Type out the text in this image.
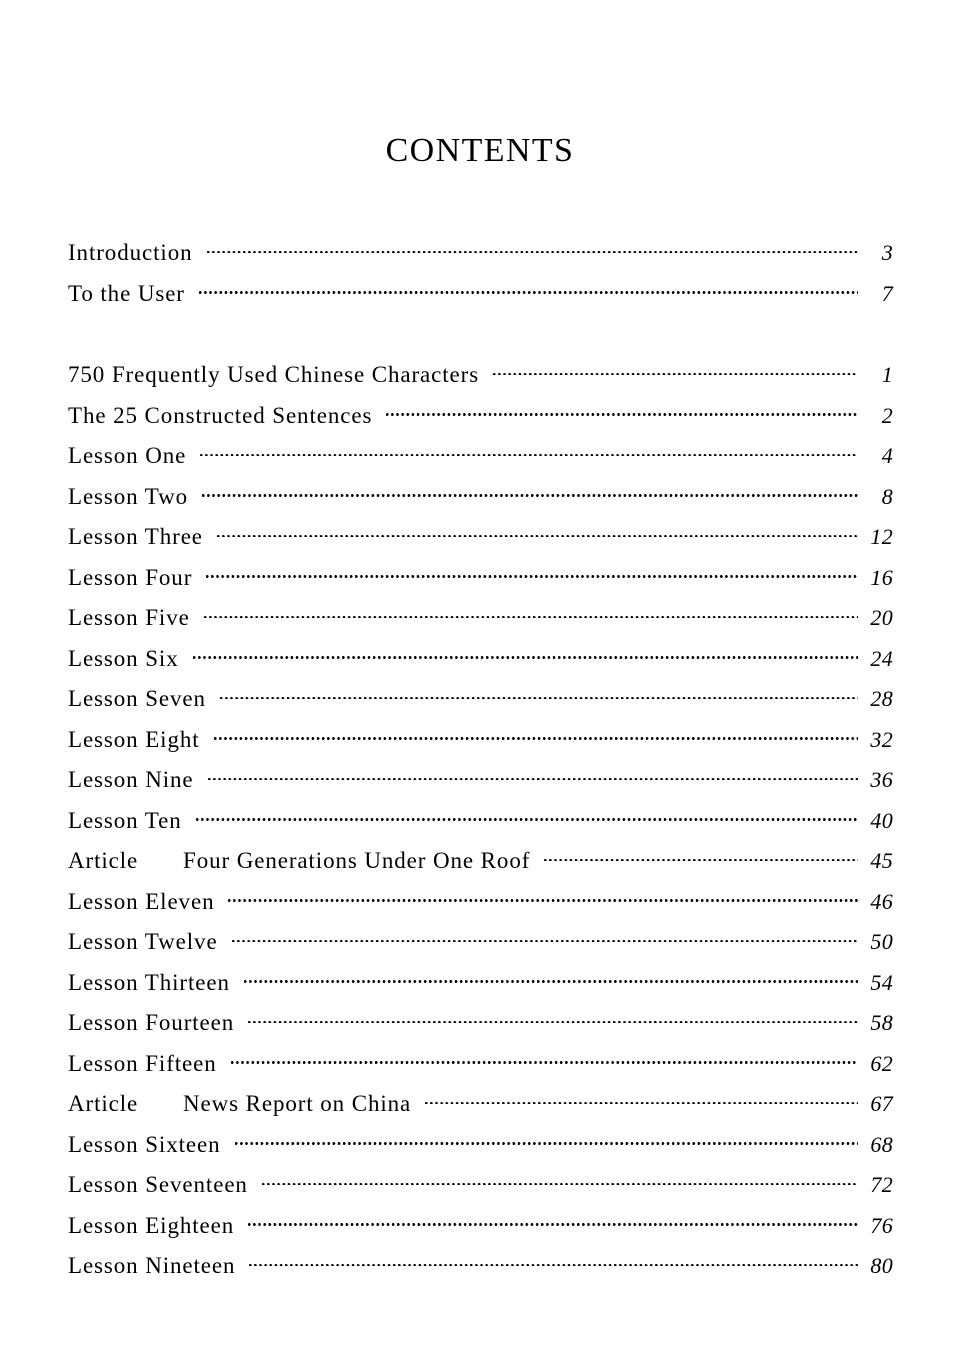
CONTENTS
Introduction	3
To the User	7
750 Frequently Used Chinese Characters	1
The 25 Constructed Sentences	2
Lesson One	4
Lesson Two	8
Lesson Three	12
Lesson Four	16
Lesson Five	20
Lesson Six	24
Lesson Seven	28
Lesson Eight	32
Lesson Nine	36
Lesson Ten	40
Article	Four Generations Under One Roof	45
Lesson Eleven	46
Lesson Twelve	50
Lesson Thirteen	54
Lesson Fourteen	58
Lesson Fifteen	62
Article	News Report on China	67
Lesson Sixteen	68
Lesson Seventeen	72
Lesson Eighteen	76
Lesson Nineteen	80
